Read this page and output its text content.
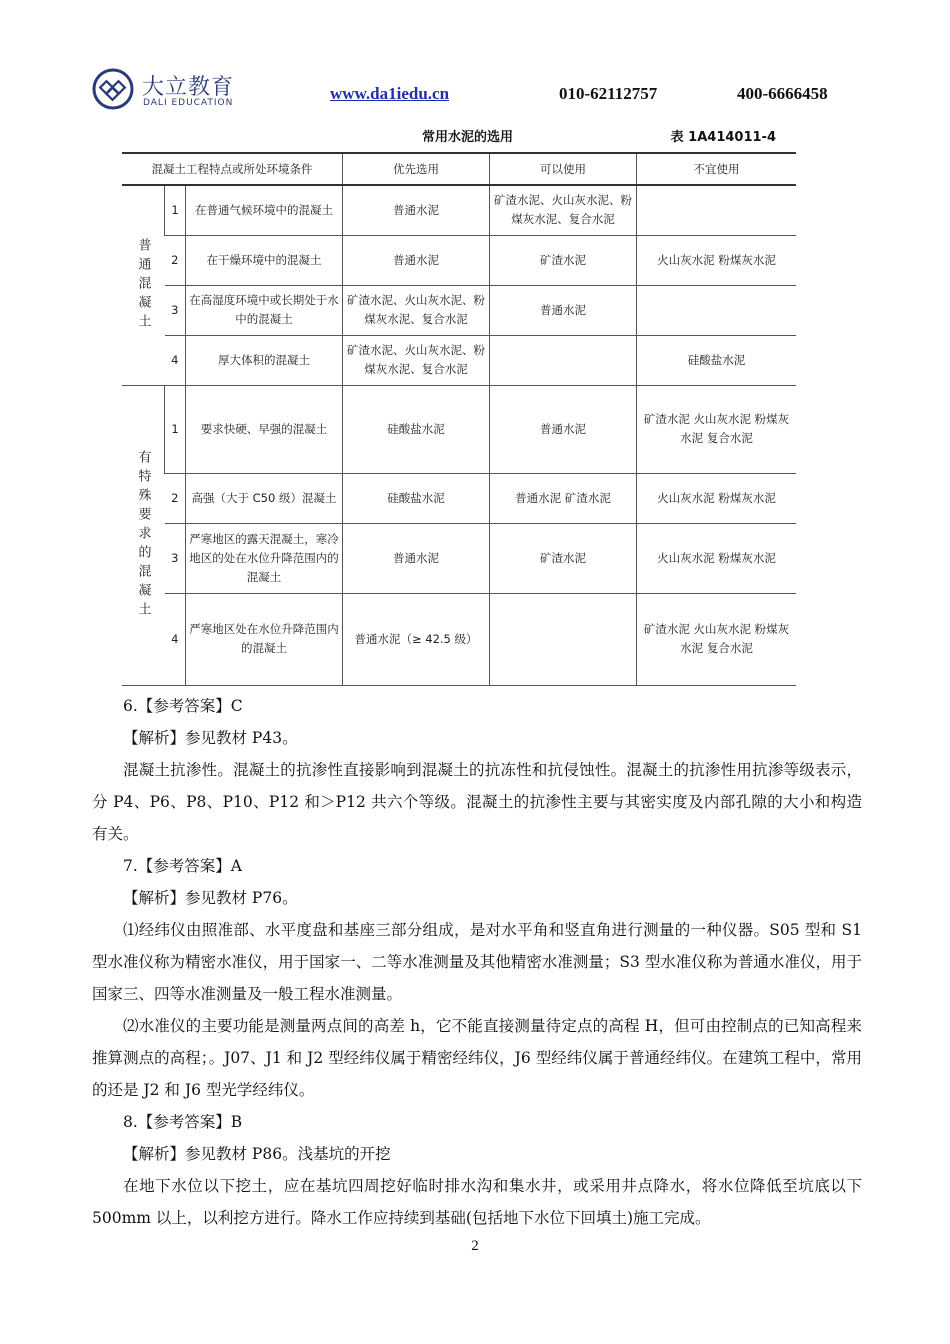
大立教育
DALI EDUCATION	www.da1iedu.cn	010-62112757	400-6666458
常用水泥的选用	表 1A414011-4
混凝土工程特点或所处环境条件			优先选用	可以使用	不宜使用
普通混凝土	1	在普通气候环境中的混凝土	普通水泥	矿渣水泥、火山灰水泥、粉煤灰水泥、复合水泥	
	2	在干燥环境中的混凝土	普通水泥	矿渣水泥	火山灰水泥 粉煤灰水泥
	3	在高湿度环境中或长期处于水中的混凝土	矿渣水泥、火山灰水泥、粉煤灰水泥、复合水泥	普通水泥	
	4	厚大体积的混凝土	矿渣水泥、火山灰水泥、粉煤灰水泥、复合水泥		硅酸盐水泥
有特殊要求的混凝土	1	要求快硬、早强的混凝土	硅酸盐水泥	普通水泥	矿渣水泥 火山灰水泥 粉煤灰水泥 复合水泥
	2	高强（大于 C50 级）混凝土	硅酸盐水泥	普通水泥 矿渣水泥	火山灰水泥 粉煤灰水泥
	3	严寒地区的露天混凝土，寒冷地区的处在水位升降范围内的混凝土	普通水泥	矿渣水泥	火山灰水泥 粉煤灰水泥
	4	严寒地区处在水位升降范围内的混凝土	普通水泥（≥ 42.5 级）		矿渣水泥 火山灰水泥 粉煤灰水泥 复合水泥

6.【参考答案】C

【解析】参见教材 P43。

混凝土抗渗性。混凝土的抗渗性直接影响到混凝土的抗冻性和抗侵蚀性。混凝土的抗渗性用抗渗等级表示，分 P4、P6、P8、P10、P12 和＞P12 共六个等级。混凝土的抗渗性主要与其密实度及内部孔隙的大小和构造有关。

7.【参考答案】A

【解析】参见教材 P76。

⑴经纬仪由照准部、水平度盘和基座三部分组成，是对水平角和竖直角进行测量的一种仪器。S05 型和 S1 型水准仪称为精密水准仪，用于国家一、二等水准测量及其他精密水准测量；S3 型水准仪称为普通水准仪，用于国家三、四等水准测量及一般工程水准测量。

⑵水准仪的主要功能是测量两点间的高差 h，它不能直接测量待定点的高程 H，但可由控制点的已知高程来推算测点的高程；。J07、J1 和 J2 型经纬仪属于精密经纬仪，J6 型经纬仪属于普通经纬仪。在建筑工程中，常用的还是 J2 和 J6 型光学经纬仪。

8.【参考答案】B

【解析】参见教材 P86。浅基坑的开挖

在地下水位以下挖土，应在基坑四周挖好临时排水沟和集水井，或采用井点降水，将水位降低至坑底以下 500mm 以上，以利挖方进行。降水工作应持续到基础(包括地下水位下回填土)施工完成。

2
